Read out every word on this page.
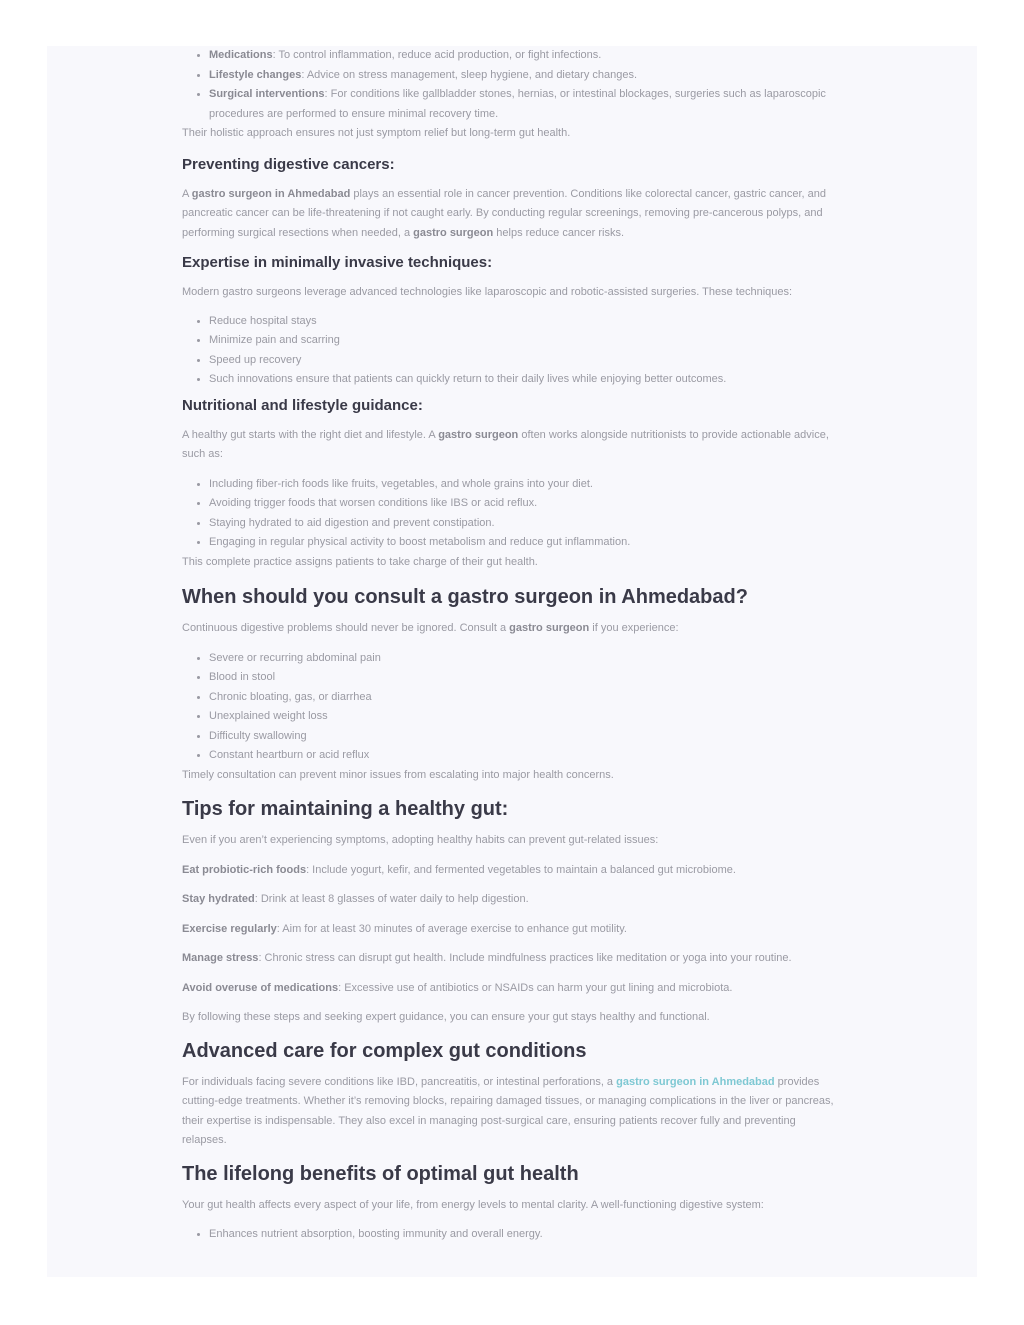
• Medications: To control inflammation, reduce acid production, or fight infections.
• Lifestyle changes: Advice on stress management, sleep hygiene, and dietary changes.
• Surgical interventions: For conditions like gallbladder stones, hernias, or intestinal blockages, surgeries such as laparoscopic procedures are performed to ensure minimal recovery time.

Their holistic approach ensures not just symptom relief but long-term gut health.

Preventing digestive cancers:

A gastro surgeon in Ahmedabad plays an essential role in cancer prevention. Conditions like colorectal cancer, gastric cancer, and pancreatic cancer can be life-threatening if not caught early. By conducting regular screenings, removing pre-cancerous polyps, and performing surgical resections when needed, a gastro surgeon helps reduce cancer risks.

Expertise in minimally invasive techniques:

Modern gastro surgeons leverage advanced technologies like laparoscopic and robotic-assisted surgeries. These techniques:

• Reduce hospital stays
• Minimize pain and scarring
• Speed up recovery
• Such innovations ensure that patients can quickly return to their daily lives while enjoying better outcomes.
Nutritional and lifestyle guidance:

A healthy gut starts with the right diet and lifestyle. A gastro surgeon often works alongside nutritionists to provide actionable advice, such as:

• Including fiber-rich foods like fruits, vegetables, and whole grains into your diet.
• Avoiding trigger foods that worsen conditions like IBS or acid reflux.
• Staying hydrated to aid digestion and prevent constipation.
• Engaging in regular physical activity to boost metabolism and reduce gut inflammation.

This complete practice assigns patients to take charge of their gut health.

When should you consult a gastro surgeon in Ahmedabad?

Continuous digestive problems should never be ignored. Consult a gastro surgeon if you experience:

• Severe or recurring abdominal pain
• Blood in stool
• Chronic bloating, gas, or diarrhea
• Unexplained weight loss
• Difficulty swallowing
• Constant heartburn or acid reflux

Timely consultation can prevent minor issues from escalating into major health concerns.

Tips for maintaining a healthy gut:

Even if you aren’t experiencing symptoms, adopting healthy habits can prevent gut-related issues:

Eat probiotic-rich foods: Include yogurt, kefir, and fermented vegetables to maintain a balanced gut microbiome.

Stay hydrated: Drink at least 8 glasses of water daily to help digestion.

Exercise regularly: Aim for at least 30 minutes of average exercise to enhance gut motility.

Manage stress: Chronic stress can disrupt gut health. Include mindfulness practices like meditation or yoga into your routine.

Avoid overuse of medications: Excessive use of antibiotics or NSAIDs can harm your gut lining and microbiota.

By following these steps and seeking expert guidance, you can ensure your gut stays healthy and functional.

Advanced care for complex gut conditions

For individuals facing severe conditions like IBD, pancreatitis, or intestinal perforations, a gastro surgeon in Ahmedabad provides cutting-edge treatments. Whether it’s removing blocks, repairing damaged tissues, or managing complications in the liver or pancreas, their expertise is indispensable. They also excel in managing post-surgical care, ensuring patients recover fully and preventing relapses.

The lifelong benefits of optimal gut health

Your gut health affects every aspect of your life, from energy levels to mental clarity. A well-functioning digestive system:

• Enhances nutrient absorption, boosting immunity and overall energy.
